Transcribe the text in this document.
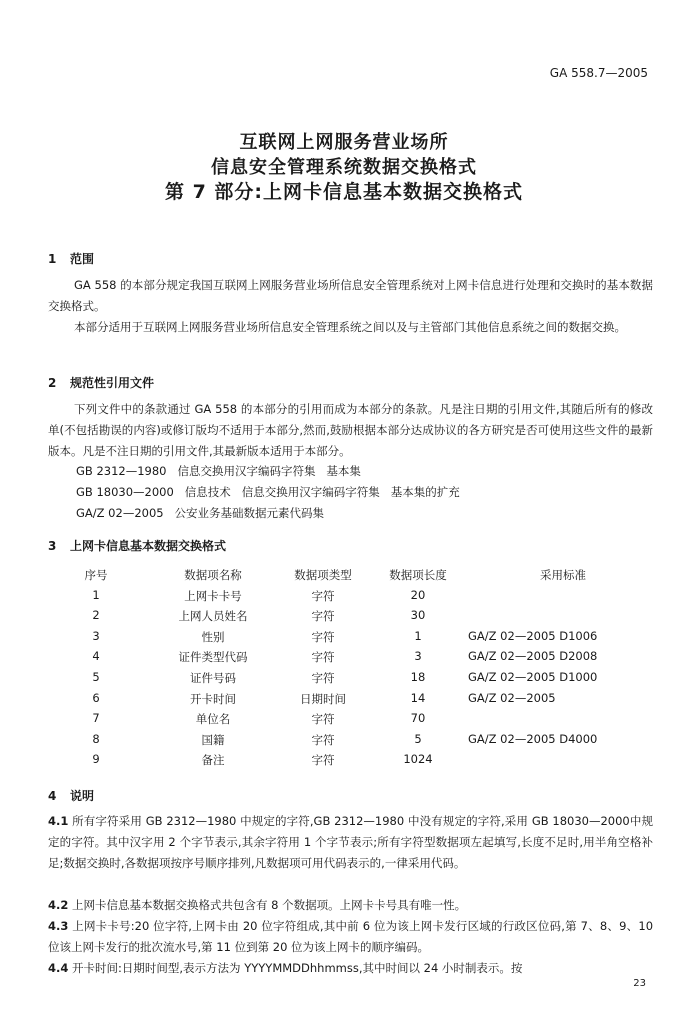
GA 558.7—2005
互联网上网服务营业场所
信息安全管理系统数据交换格式
第 7 部分:上网卡信息基本数据交换格式
1 范围
GA 558 的本部分规定我国互联网上网服务营业场所信息安全管理系统对上网卡信息进行处理和交换时的基本数据交换格式。
本部分适用于互联网上网服务营业场所信息安全管理系统之间以及与主管部门其他信息系统之间的数据交换。
2 规范性引用文件
下列文件中的条款通过 GA 558 的本部分的引用而成为本部分的条款。凡是注日期的引用文件,其随后所有的修改单(不包括勘误的内容)或修订版均不适用于本部分,然而,鼓励根据本部分达成协议的各方研究是否可使用这些文件的最新版本。凡是不注日期的引用文件,其最新版本适用于本部分。
GB 2312—1980   信息交换用汉字编码字符集   基本集
GB 18030—2000   信息技术   信息交换用汉字编码字符集   基本集的扩充
GA/Z 02—2005   公安业务基础数据元素代码集
3 上网卡信息基本数据交换格式
序号	数据项名称	数据项类型	数据项长度	采用标准
1	上网卡卡号	字符	20
2	上网人员姓名	字符	30
3	性别	字符	1	GA/Z 02—2005 D1006
4	证件类型代码	字符	3	GA/Z 02—2005 D2008
5	证件号码	字符	18	GA/Z 02—2005 D1000
6	开卡时间	日期时间	14	GA/Z 02—2005
7	单位名	字符	70
8	国籍	字符	5	GA/Z 02—2005 D4000
9	备注	字符	1024
4 说明
4.1 所有字符采用 GB 2312—1980 中规定的字符,GB 2312—1980 中没有规定的字符,采用 GB 18030—2000中规定的字符。其中汉字用 2 个字节表示,其余字符用 1 个字节表示;所有字符型数据项左起填写,长度不足时,用半角空格补足;数据交换时,各数据项按序号顺序排列,凡数据项可用代码表示的,一律采用代码。
4.2 上网卡信息基本数据交换格式共包含有 8 个数据项。上网卡卡号具有唯一性。
4.3 上网卡卡号:20 位字符,上网卡由 20 位字符组成,其中前 6 位为该上网卡发行区域的行政区位码,第 7、8、9、10 位该上网卡发行的批次流水号,第 11 位到第 20 位为该上网卡的顺序编码。
4.4 开卡时间:日期时间型,表示方法为 YYYYMMDDhhmmss,其中时间以 24 小时制表示。按
23
